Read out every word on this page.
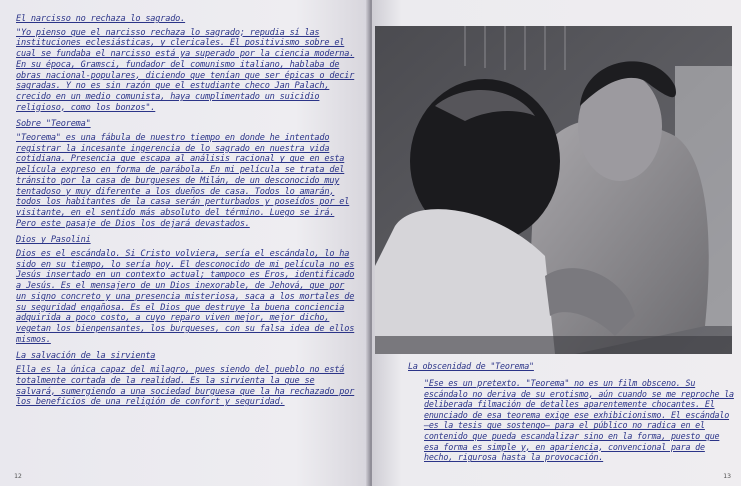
El narcisso no rechaza lo sagrado.
"Yo pienso que el narcisso rechaza lo sagrado; repudia sí las instituciones eclesiásticas, y clericales. El positivismo sobre el cual se fundaba el narcisso está ya superado por la ciencia moderna. En su época, Gramsci, fundador del comunismo italiano, hablaba de obras nacional-populares, diciendo que tenían que ser épicas o decir sagradas. Y no es sin razón que el estudiante checo Jan Palach, crecido en un medio comunista, haya cumplimentado un suicidio religioso, como los bonzos".
Sobre "Teorema"
"Teorema" es una fábula de nuestro tiempo en donde he intentado registrar la incesante ingerencia de lo sagrado en nuestra vida cotidiana. Presencia que escapa al análisis racional y que en esta película expreso en forma de parábola. En mi película se trata del tránsito por la casa de burgueses de Milán, de un desconocido muy tentadoso y muy diferente a los dueños de casa. Todos lo amarán, todos los habitantes de la casa serán perturbados y poseídos por el visitante, en el sentido más absoluto del término. Luego se irá. Pero este pasaje de Dios los dejará devastados.
Dios y Pasolini
Dios es el escándalo. Si Cristo volviera, sería el escándalo, lo ha sido en su tiempo, lo sería hoy. El desconocido de mi película no es Jesús insertado en un contexto actual; tampoco es Eros, identificado a Jesús. Es el mensajero de un Dios inexorable, de Jehová, que por un signo concreto y una presencia misteriosa, saca a los mortales de su seguridad engañosa. Es el Dios que destruye la buena conciencia adquirida a poco costo, a cuyo reparo viven mejor, mejor dicho, vegetan los bienpensantes, los burgueses, con su falsa idea de ellos mismos.
La salvación de la sirvienta
Ella es la única capaz del milagro, pues siendo del pueblo no está totalmente cortada de la realidad. Es la sirvienta la que se salvará, sumergiendo a una sociedad burguesa que la ha rechazado por los beneficios de una religión de confort y seguridad.
12
La obscenidad de "Teorema"
"Ese es un pretexto. "Teorema" no es un film obsceno. Su escándalo no deriva de su erotismo, aún cuando se me reproche la deliberada filmación de detalles aparentemente chocantes. El enunciado de esa teorema exige ese exhibicionismo. El escándalo —es la tesis que sostengo— para el público no radica en el contenido que pueda escandalizar sino en la forma, puesto que esa forma es simple y, en apariencia, convencional para de hecho, rigurosa hasta la provocación.
13
